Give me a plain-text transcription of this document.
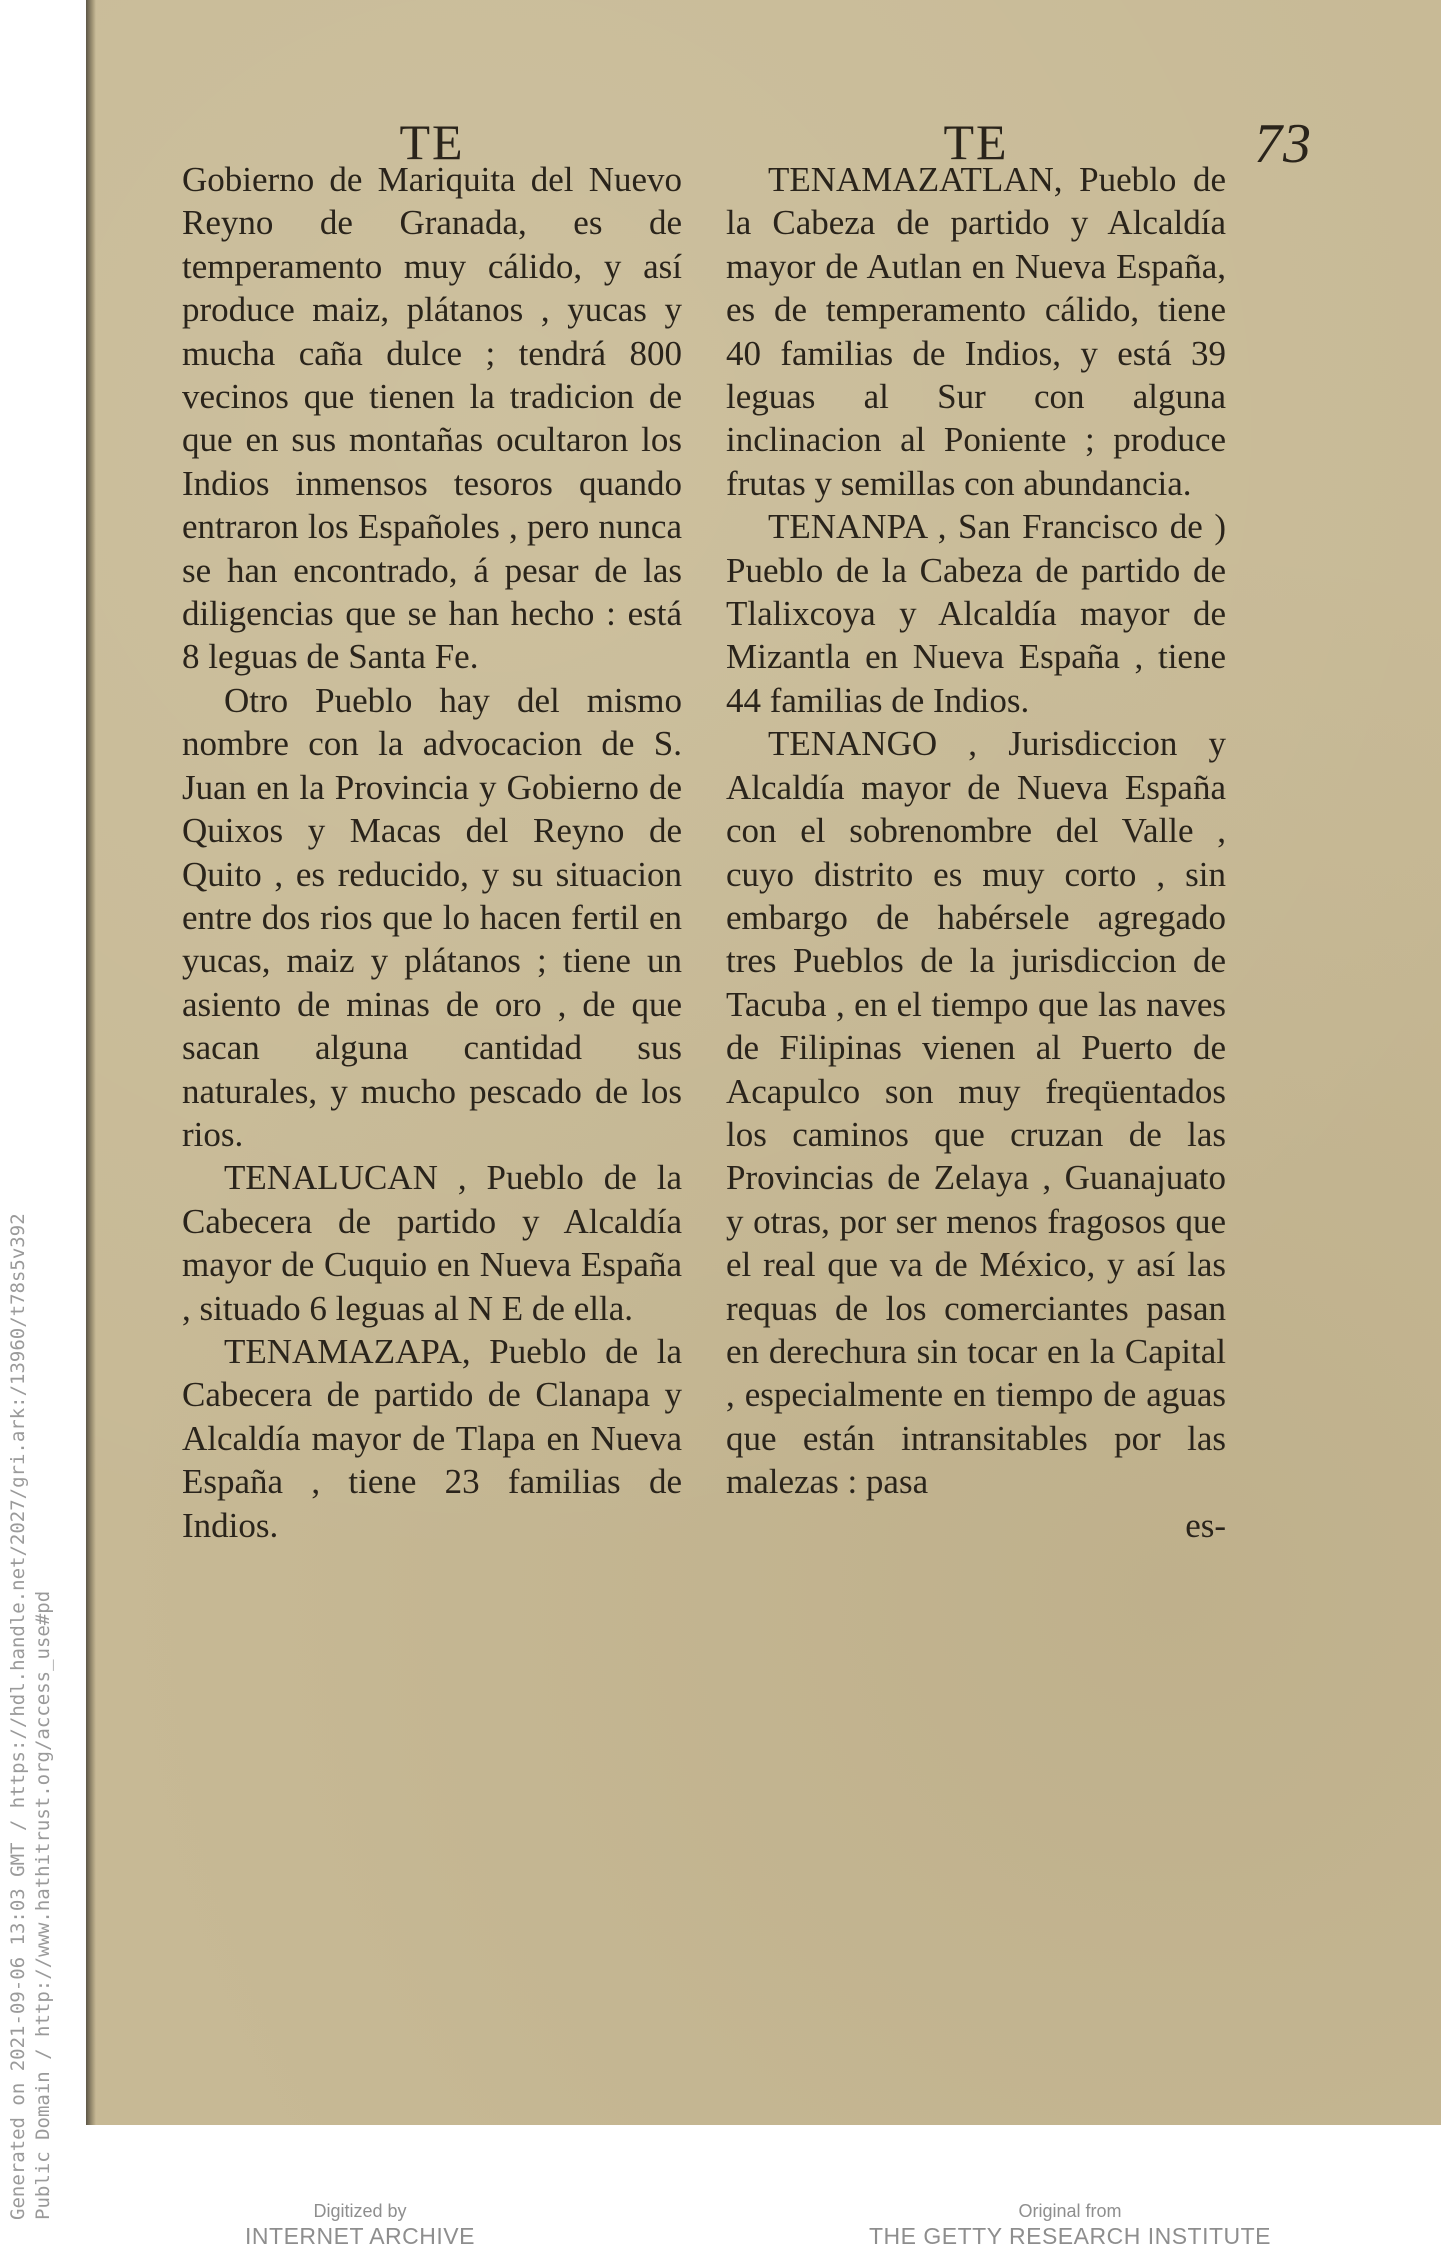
Generated on 2021-09-06 13:03 GMT / https://hdl.handle.net/2027/gri.ark:/13960/t78s5v392 Public Domain / http://www.hathitrust.org/access_use#pd
73
TE

Gobierno de Mariquita del Nuevo Reyno de Granada, es de temperamento muy cálido, y así produce maiz, plátanos , yucas y mucha caña dulce ; tendrá 800 vecinos que tienen la tradicion de que en sus montañas ocultaron los Indios inmensos tesoros quando entraron los Españoles , pero nunca se han encontrado, á pesar de las diligencias que se han hecho : está 8 leguas de Santa Fe.

Otro Pueblo hay del mismo nombre con la advocacion de S. Juan en la Provincia y Gobierno de Quixos y Macas del Reyno de Quito , es reducido, y su situacion entre dos rios que lo hacen fertil en yucas, maiz y plátanos ; tiene un asiento de minas de oro , de que sacan alguna cantidad sus naturales, y mucho pescado de los rios.

TENALUCAN , Pueblo de la Cabecera de partido y Alcaldía mayor de Cuquio en Nueva España , situado 6 leguas al N E de ella.

TENAMAZAPA, Pueblo de la Cabecera de partido de Clanapa y Alcaldía mayor de Tlapa en Nueva España , tiene 23 familias de Indios.

TE

TENAMAZATLAN, Pueblo de la Cabeza de partido y Alcaldía mayor de Autlan en Nueva España, es de temperamento cálido, tiene 40 familias de Indios, y está 39 leguas al Sur con alguna inclinacion al Poniente ; produce frutas y semillas con abundancia.

TENANPA , San Francisco de ) Pueblo de la Cabeza de partido de Tlalixcoya y Alcaldía mayor de Mizantla en Nueva España , tiene 44 familias de Indios.

TENANGO , Jurisdiccion y Alcaldía mayor de Nueva España con el sobrenombre del Valle , cuyo distrito es muy corto , sin embargo de habérsele agregado tres Pueblos de la jurisdiccion de Tacuba , en el tiempo que las naves de Filipinas vienen al Puerto de Acapulco son muy freqüentados los caminos que cruzan de las Provincias de Zelaya , Guanajuato y otras, por ser menos fragosos que el real que va de México, y así las requas de los comerciantes pasan en derechura sin tocar en la Capital , especialmente en tiempo de aguas que están intransitables por las malezas : pasa

es-

Digitized by
INTERNET ARCHIVE
Original from
THE GETTY RESEARCH INSTITUTE
